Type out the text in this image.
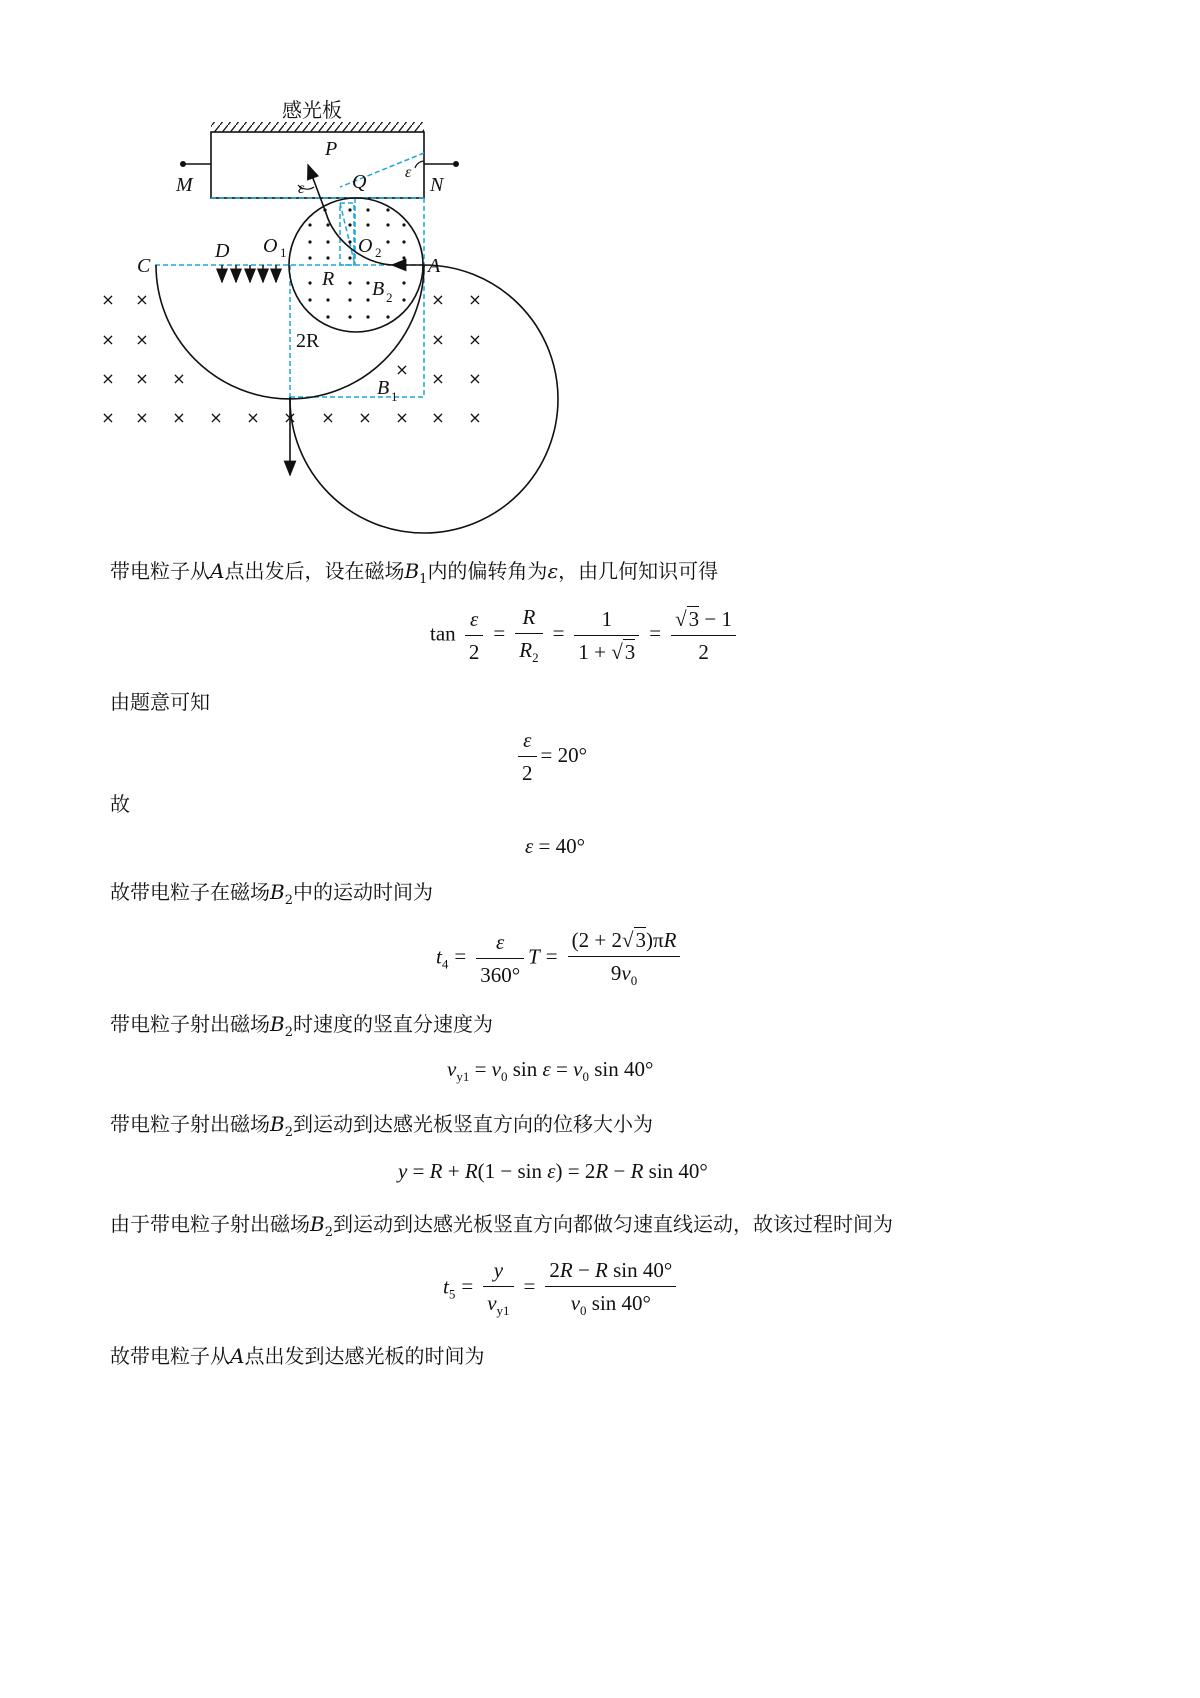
× ×	× ×
× ×	× ×
× × ×	× × ×
× × × × × × × × × × ×
感光板
P
M	N
Q
ε
ε
C
D O 1	O 2
A
R B 2
2R
B 1
带电粒子从A点出发后，设在磁场$B_1$内的偏转角为ε，由几何知识可得
$\tan \frac{\varepsilon}{2} = \frac{R}{R_2} = \frac{1}{1 + √3} = \frac{√3 - 1}{2}$
由题意可知
$\frac{\varepsilon}{2} = 20^\circ$
故
ε = 40°
故带电粒子在磁场$B_2$中的运动时间为
$t_4 = \frac{\varepsilon}{360^\circ}$ $T = \frac{(2 + 2√3)\pi R}{9v_0}$
带电粒子射出磁场$B_2$时速度的竖直分速度为
$v_{y1} = v_0$ $\sin \varepsilon = v_0$ sin 40°
带电粒子射出磁场$B_2$到运动到达感光板竖直方向的位移大小为
y = R + R(1 − sin ε) = 2R − R sin 40°
由于带电粒子射出磁场$B_2$到运动到达感光板竖直方向都做匀速直线运动，故该过程时间为
$t_5 = \frac{y}{v_{y1}} = \frac{\text{2R − R sin 40°}}{v_0 \sin 40^\circ}$
故带电粒子从A点出发到达感光板的时间为
